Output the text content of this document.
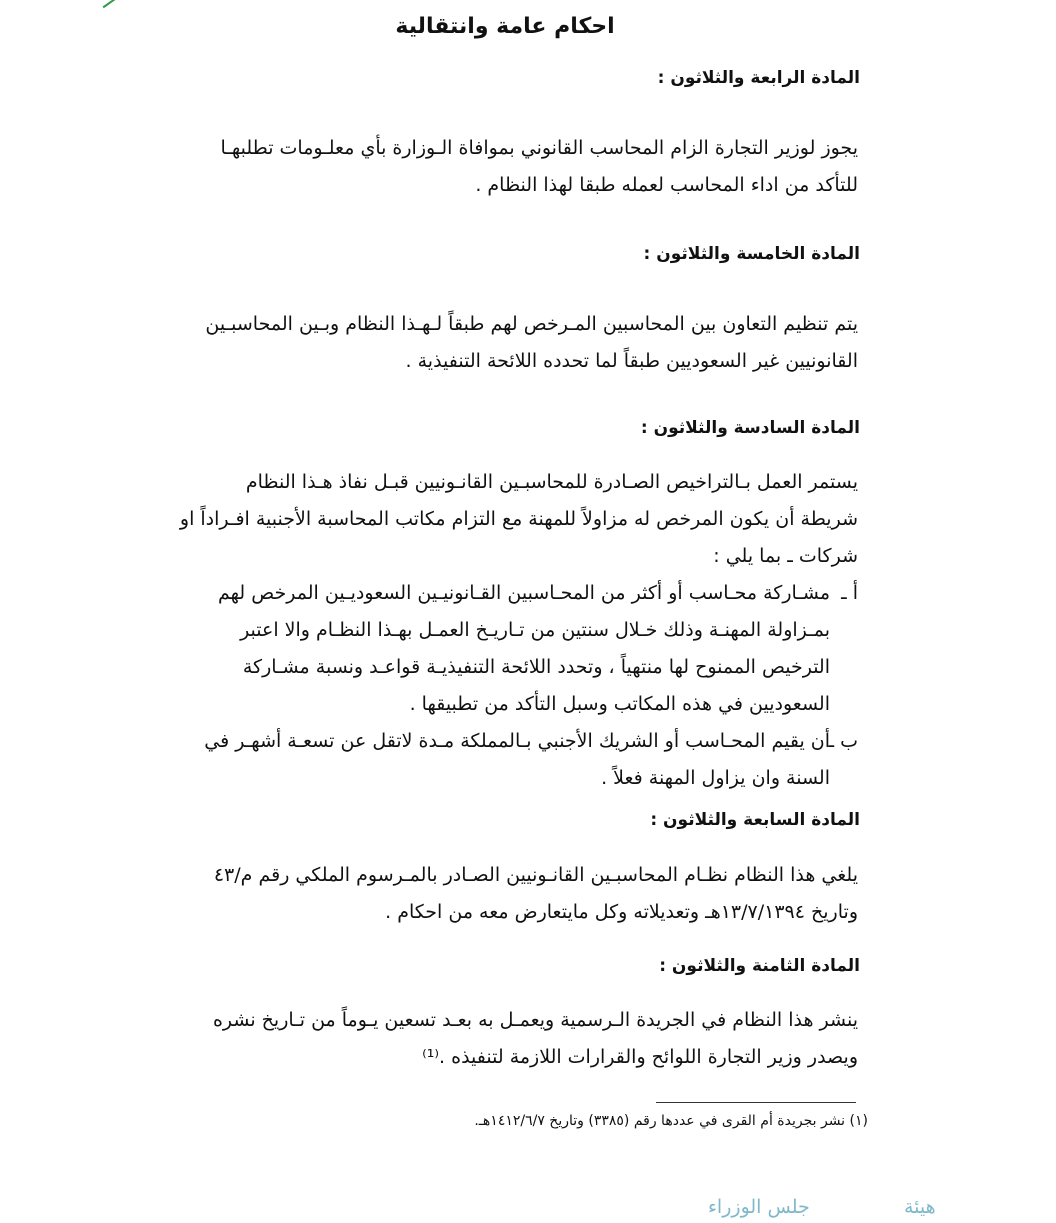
احكام عامة وانتقالية
المادة الرابعة والثلاثون :
يجوز لوزير التجارة الزام المحاسب القانوني بموافاة الـوزارة بأي معلـومات تطلبهـا
للتأكد من اداء المحاسب لعمله طبقا لهذا النظام .
المادة الخامسة والثلاثون :
يتم تنظيم التعاون بين المحاسبين المـرخص لهم طبقاً لـهـذا النظام وبـين المحاسبـين
القانونيين غير السعوديين طبقاً لما تحدده اللائحة التنفيذية .
المادة السادسة والثلاثون :
يستمر العمل بـالتراخيص الصـادرة للمحاسبـين القانـونيين قبـل نفاذ هـذا النظام
شريطة أن يكون المرخص له مزاولاً للمهنة مع التزام مكاتب المحاسبة الأجنبية افـراداً او
شركات ـ بما يلي :
أ ـ
مشـاركة محـاسب أو أكثر من المحـاسبين القـانونيـين السعوديـين المرخص لهم
بمـزاولة المهنـة وذلك خـلال سنتين من تـاريـخ العمـل بهـذا النظـام والا اعتبر
الترخيص الممنوح لها منتهياً ، وتحدد اللائحة التنفيذيـة قواعـد ونسبة مشـاركة
السعوديين في هذه المكاتب وسبل التأكد من تطبيقها .
ب ـ
أن يقيم المحـاسب أو الشريك الأجنبي بـالمملكة مـدة لاتقل عن تسعـة أشهـر في
السنة وان يزاول المهنة فعلاً .
المادة السابعة والثلاثون :
يلغي هذا النظام نظـام المحاسبـين القانـونيين الصـادر بالمـرسوم الملكي رقم م/٤٣
وتاريخ ١٣/٧/١٣٩٤هـ وتعديلاته وكل مايتعارض معه من احكام .
المادة الثامنة والثلاثون :
ينشر هذا النظام في الجريدة الـرسمية ويعمـل به بعـد تسعين يـوماً من تـاريخ نشره
ويصدر وزير التجارة اللوائح والقرارات اللازمة لتنفيذه .⁽¹⁾
(١) نشر بجريدة أم القرى في عددها رقم (٣٣٨٥) وتاريخ ١٤١٢/٦/٧هـ.
جلس الوزراء	هيئة
